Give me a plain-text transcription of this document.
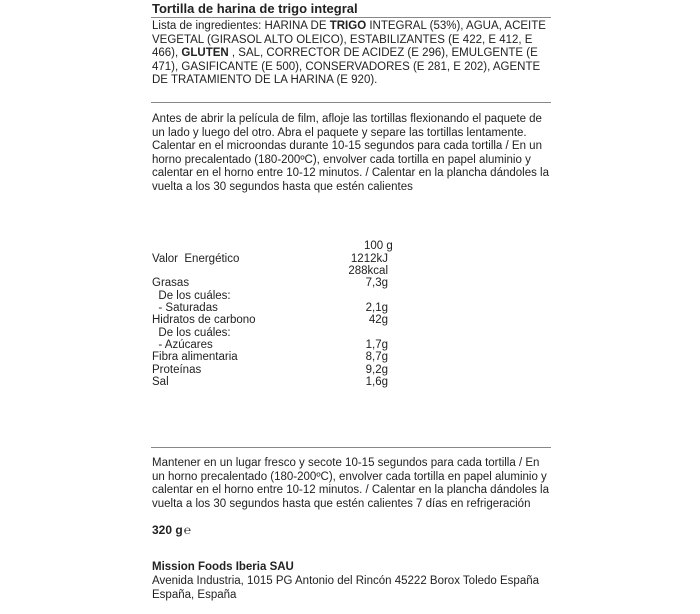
Tortilla de harina de trigo integral
Lista de ingredientes: HARINA DE TRIGO INTEGRAL (53%), AGUA, ACEITE VEGETAL (GIRASOL ALTO OLEICO), ESTABILIZANTES (E 422, E 412, E 466), GLUTEN , SAL, CORRECTOR DE ACIDEZ (E 296), EMULGENTE (E 471), GASIFICANTE (E 500), CONSERVADORES (E 281, E 202), AGENTE DE TRATAMIENTO DE LA HARINA (E 920).
Antes de abrir la película de film, afloje las tortillas flexionando el paquete de un lado y luego del otro. Abra el paquete y separe las tortillas lentamente. Calentar en el microondas durante 10-15 segundos para cada tortilla / En un horno precalentado (180-200ºC), envolver cada tortilla en papel aluminio y calentar en el horno entre 10-12 minutos. / Calentar en la plancha dándoles la vuelta a los 30 segundos hasta que estén calientes
100 g
Valor  Energético	1212kJ
288kcal
Grasas	7,3g
De los cuáles:
- Saturadas	2,1g
Hidratos de carbono	42g
De los cuáles:
- Azúcares	1,7g
Fibra alimentaria	8,7g
Proteínas	9,2g
Sal	1,6g
Mantener en un lugar fresco y secote 10-15 segundos para cada tortilla / En un horno precalentado (180-200ºC), envolver cada tortilla en papel aluminio y calentar en el horno entre 10-12 minutos. / Calentar en la plancha dándoles la vuelta a los 30 segundos hasta que estén calientes 7 días en refrigeración
320 g℮
Mission Foods Iberia SAU
Avenida Industria, 1015 PG Antonio del Rincón 45222 Borox Toledo España
España, España
